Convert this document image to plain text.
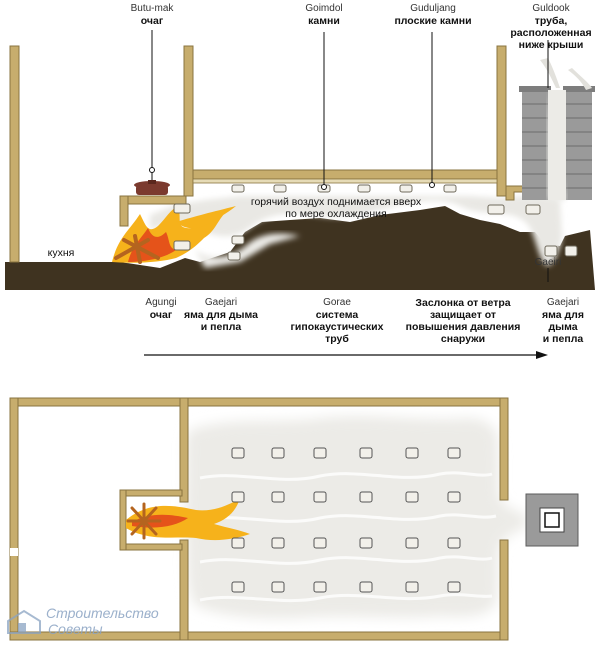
Butu-mak
очаг
Goimdol
камни
Guduljang
плоские камни
Guldook
труба,
расположенная
ниже крыши
кухня
горячий воздух поднимается вверх
по мере охлаждения
Gaeiri
Agungi
очаг
Gaejari
яма для дыма
и пепла
Gorae
система
гипокаустических
труб
Заслонка от ветра
защищает от
повышения давления
снаружи
Gaejari
яма для
дыма
и пепла
Строительство
Советы
